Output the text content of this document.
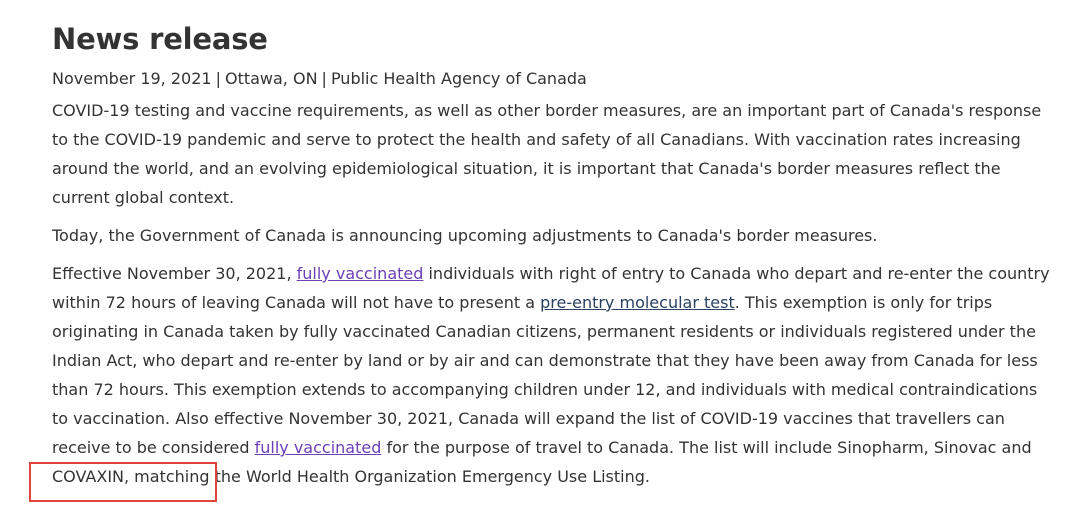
News release
November 19, 2021 | Ottawa, ON | Public Health Agency of Canada

COVID-19 testing and vaccine requirements, as well as other border measures, are an important part of Canada's response to the COVID-19 pandemic and serve to protect the health and safety of all Canadians. With vaccination rates increasing around the world, and an evolving epidemiological situation, it is important that Canada's border measures reflect the current global context.

Today, the Government of Canada is announcing upcoming adjustments to Canada's border measures.

Effective November 30, 2021, fully vaccinated individuals with right of entry to Canada who depart and re-enter the country within 72 hours of leaving Canada will not have to present a pre-entry molecular test. This exemption is only for trips originating in Canada taken by fully vaccinated Canadian citizens, permanent residents or individuals registered under the Indian Act, who depart and re-enter by land or by air and can demonstrate that they have been away from Canada for less than 72 hours. This exemption extends to accompanying children under 12, and individuals with medical contraindications to vaccination. Also effective November 30, 2021, Canada will expand the list of COVID-19 vaccines that travellers can receive to be considered fully vaccinated for the purpose of travel to Canada. The list will include Sinopharm, Sinovac and COVAXIN, matching the World Health Organization Emergency Use Listing.
